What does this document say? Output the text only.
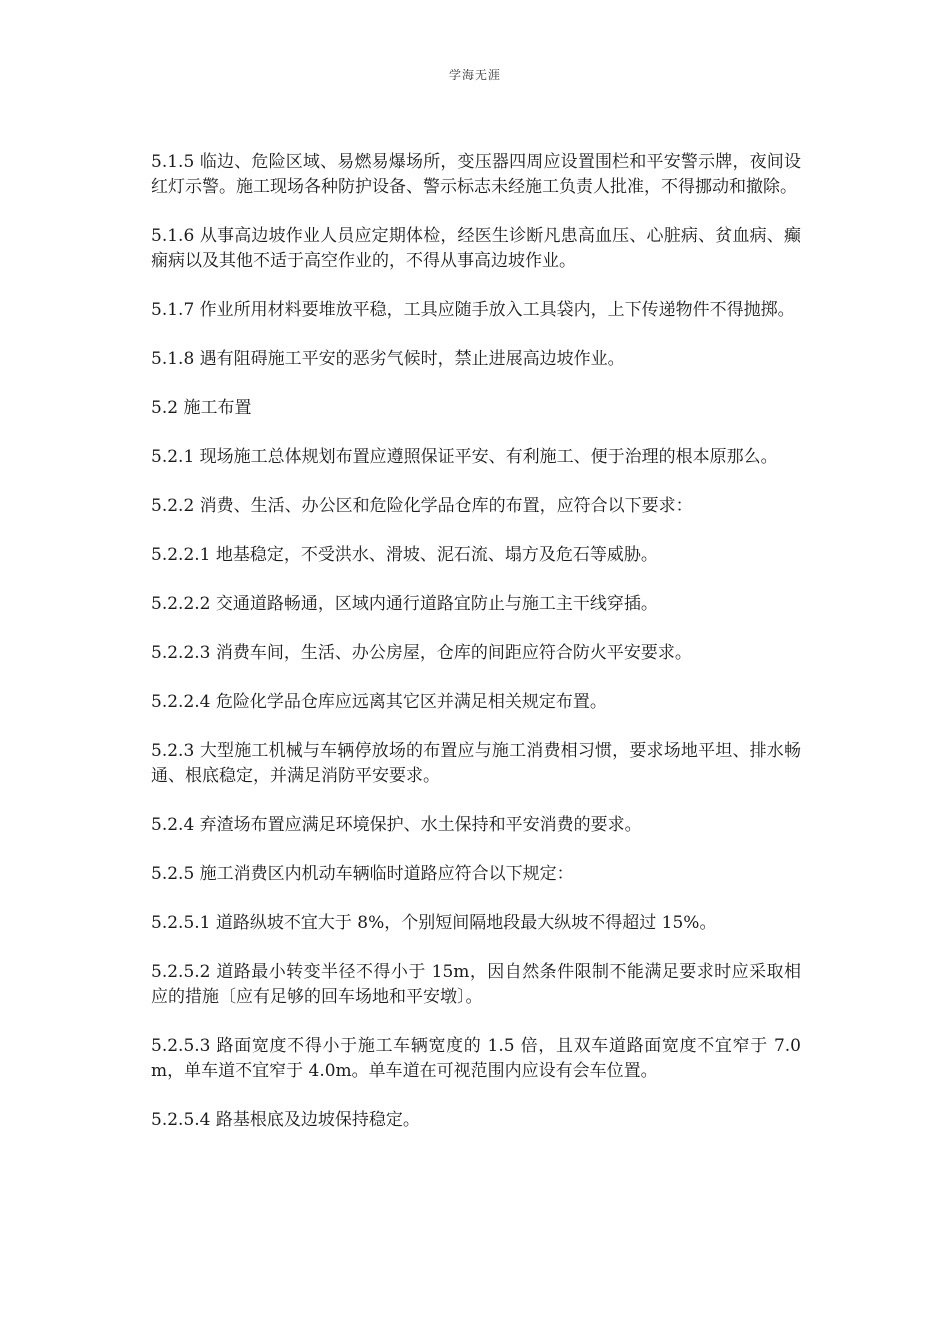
学海无涯

5.1.5 临边、危险区域、易燃易爆场所，变压器四周应设置围栏和平安警示牌，夜间设红灯示警。施工现场各种防护设备、警示标志未经施工负责人批准，不得挪动和撤除。

5.1.6 从事高边坡作业人员应定期体检，经医生诊断凡患高血压、心脏病、贫血病、癫痫病以及其他不适于高空作业的，不得从事高边坡作业。

5.1.7 作业所用材料要堆放平稳，工具应随手放入工具袋内，上下传递物件不得抛掷。

5.1.8 遇有阻碍施工平安的恶劣气候时，禁止进展高边坡作业。

5.2 施工布置

5.2.1 现场施工总体规划布置应遵照保证平安、有利施工、便于治理的根本原那么。

5.2.2 消费、生活、办公区和危险化学品仓库的布置，应符合以下要求：

5.2.2.1 地基稳定，不受洪水、滑坡、泥石流、塌方及危石等威胁。

5.2.2.2 交通道路畅通，区域内通行道路宜防止与施工主干线穿插。

5.2.2.3 消费车间，生活、办公房屋，仓库的间距应符合防火平安要求。

5.2.2.4 危险化学品仓库应远离其它区并满足相关规定布置。

5.2.3 大型施工机械与车辆停放场的布置应与施工消费相习惯，要求场地平坦、排水畅通、根底稳定，并满足消防平安要求。

5.2.4 弃渣场布置应满足环境保护、水土保持和平安消费的要求。

5.2.5 施工消费区内机动车辆临时道路应符合以下规定：

5.2.5.1 道路纵坡不宜大于 8%，个别短间隔地段最大纵坡不得超过 15%。

5.2.5.2 道路最小转变半径不得小于 15m，因自然条件限制不能满足要求时应采取相应的措施〔应有足够的回车场地和平安墩〕。

5.2.5.3 路面宽度不得小于施工车辆宽度的 1.5 倍，且双车道路面宽度不宜窄于 7.0m，单车道不宜窄于 4.0m。单车道在可视范围内应设有会车位置。

5.2.5.4 路基根底及边坡保持稳定。
